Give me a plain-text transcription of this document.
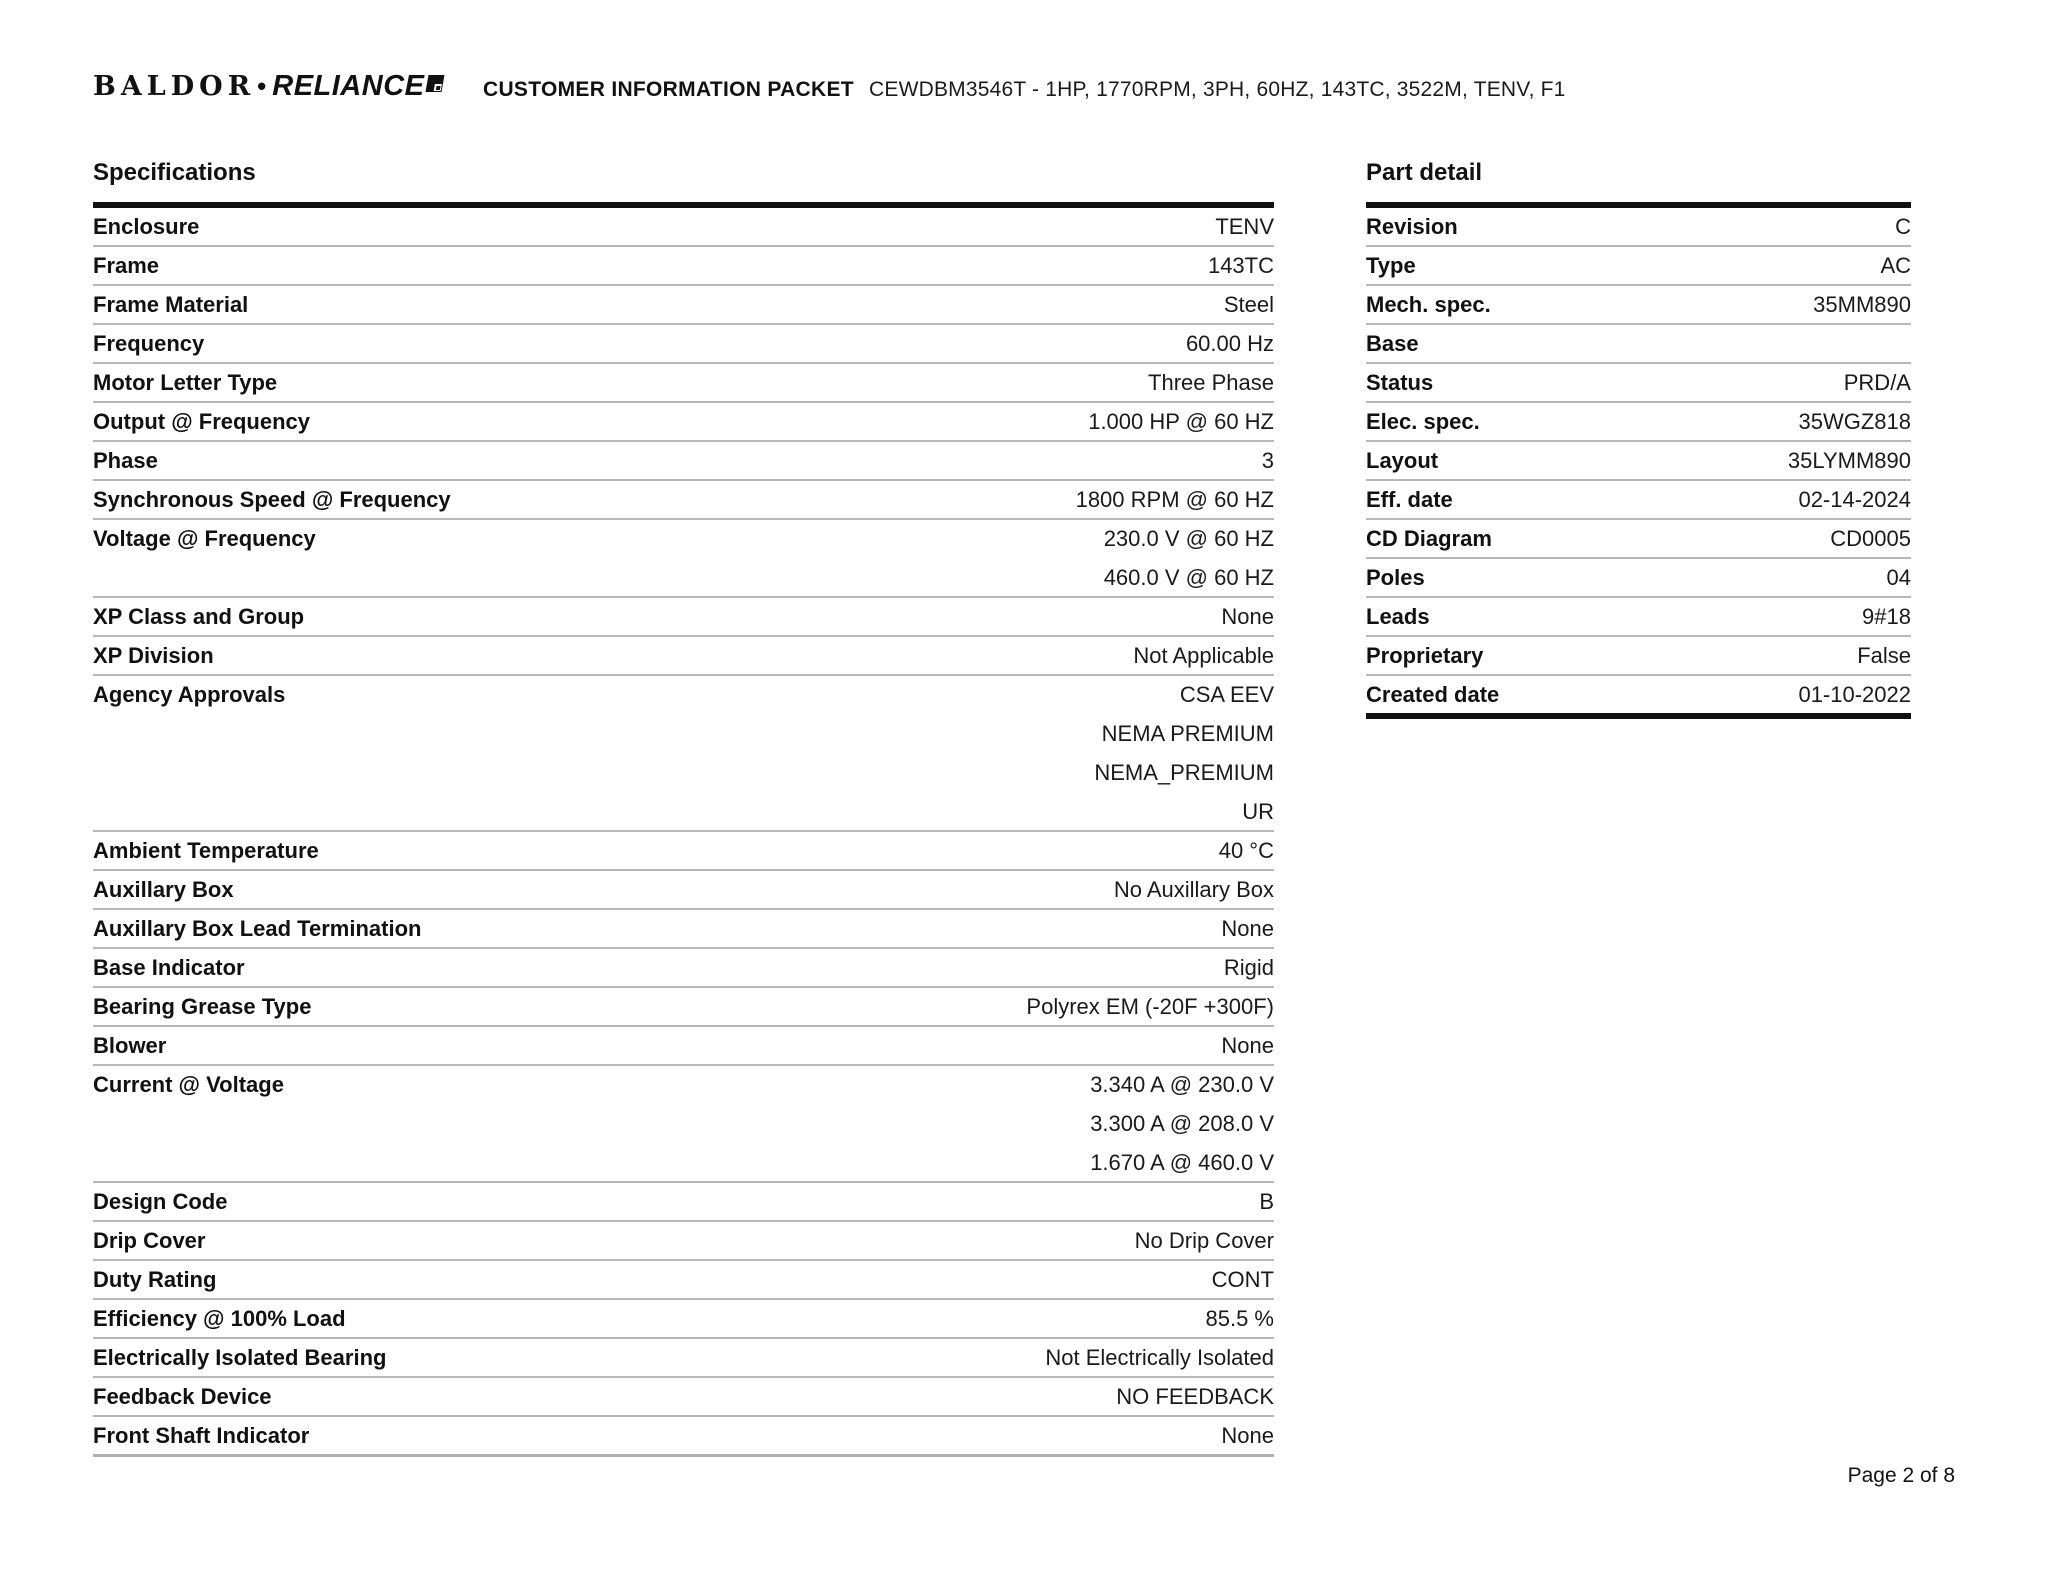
BALDOR • RELIANCE	CUSTOMER INFORMATION PACKET CEWDBM3546T - 1HP, 1770RPM, 3PH, 60HZ, 143TC, 3522M, TENV, F1
Specifications
Enclosure	TENV
Frame	143TC
Frame Material	Steel
Frequency	60.00 Hz
Motor Letter Type	Three Phase
Output @ Frequency	1.000 HP @ 60 HZ
Phase	3
Synchronous Speed @ Frequency	1800 RPM @ 60 HZ
Voltage @ Frequency	230.0 V @ 60 HZ
460.0 V @ 60 HZ
XP Class and Group	None
XP Division	Not Applicable
Agency Approvals	CSA EEV
NEMA PREMIUM
NEMA_PREMIUM
UR
Ambient Temperature	40 °C
Auxillary Box	No Auxillary Box
Auxillary Box Lead Termination	None
Base Indicator	Rigid
Bearing Grease Type	Polyrex EM (-20F +300F)
Blower	None
Current @ Voltage	3.340 A @ 230.0 V
3.300 A @ 208.0 V
1.670 A @ 460.0 V
Design Code	B
Drip Cover	No Drip Cover
Duty Rating	CONT
Efficiency @ 100% Load	85.5 %
Electrically Isolated Bearing	Not Electrically Isolated
Feedback Device	NO FEEDBACK
Front Shaft Indicator	None
Part detail
Revision	C
Type	AC
Mech. spec.	35MM890
Base
Status	PRD/A
Elec. spec.	35WGZ818
Layout	35LYMM890
Eff. date	02-14-2024
CD Diagram	CD0005
Poles	04
Leads	9#18
Proprietary	False
Created date	01-10-2022
Page 2 of 8
